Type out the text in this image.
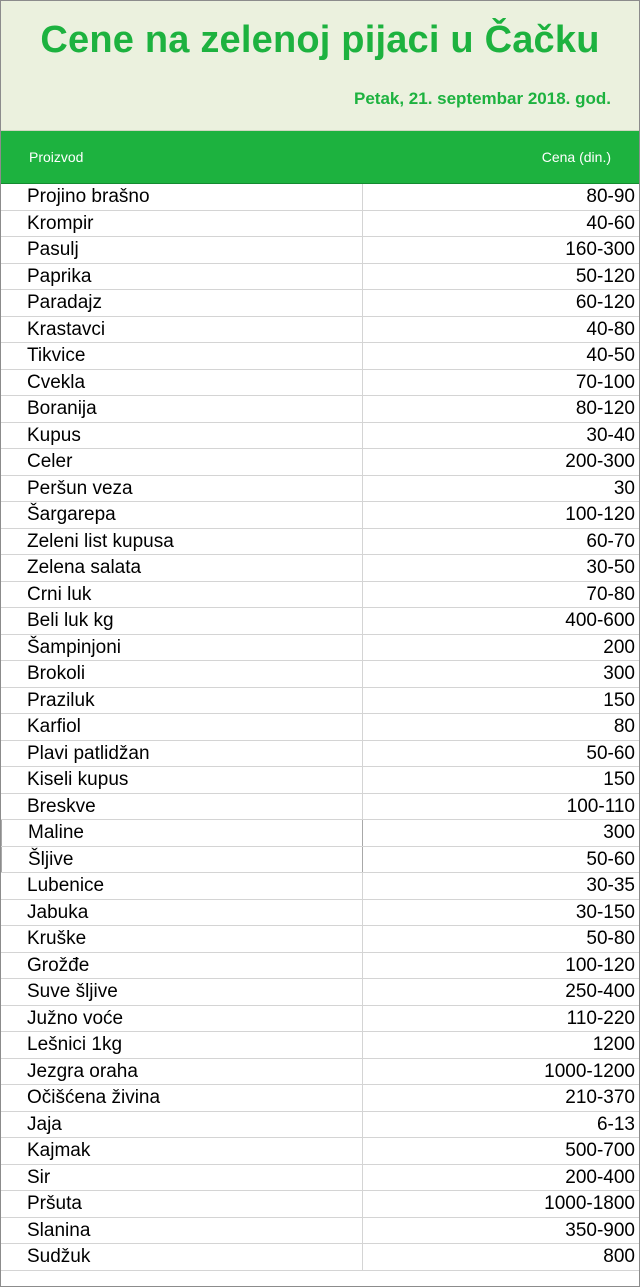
Cene na zelenoj pijaci u Čačku
Petak, 21. septembar 2018. god.
Proizvod	Cena (din.)
Projino brašno	80-90
Krompir	40-60
Pasulj	160-300
Paprika	50-120
Paradajz	60-120
Krastavci	40-80
Tikvice	40-50
Cvekla	70-100
Boranija	80-120
Kupus	30-40
Celer	200-300
Peršun veza	30
Šargarepa	100-120
Zeleni list kupusa	60-70
Zelena salata	30-50
Crni luk	70-80
Beli luk kg	400-600
Šampinjoni	200
Brokoli	300
Praziluk	150
Karfiol	80
Plavi patlidžan	50-60
Kiseli kupus	150
Breskve	100-110
Maline	300
Šljive	50-60
Lubenice	30-35
Jabuka	30-150
Kruške	50-80
Grožđe	100-120
Suve šljive	250-400
Južno voće	110-220
Lešnici 1kg	1200
Jezgra oraha	1000-1200
Očišćena živina	210-370
Jaja	6-13
Kajmak	500-700
Sir	200-400
Pršuta	1000-1800
Slanina	350-900
Sudžuk	800
